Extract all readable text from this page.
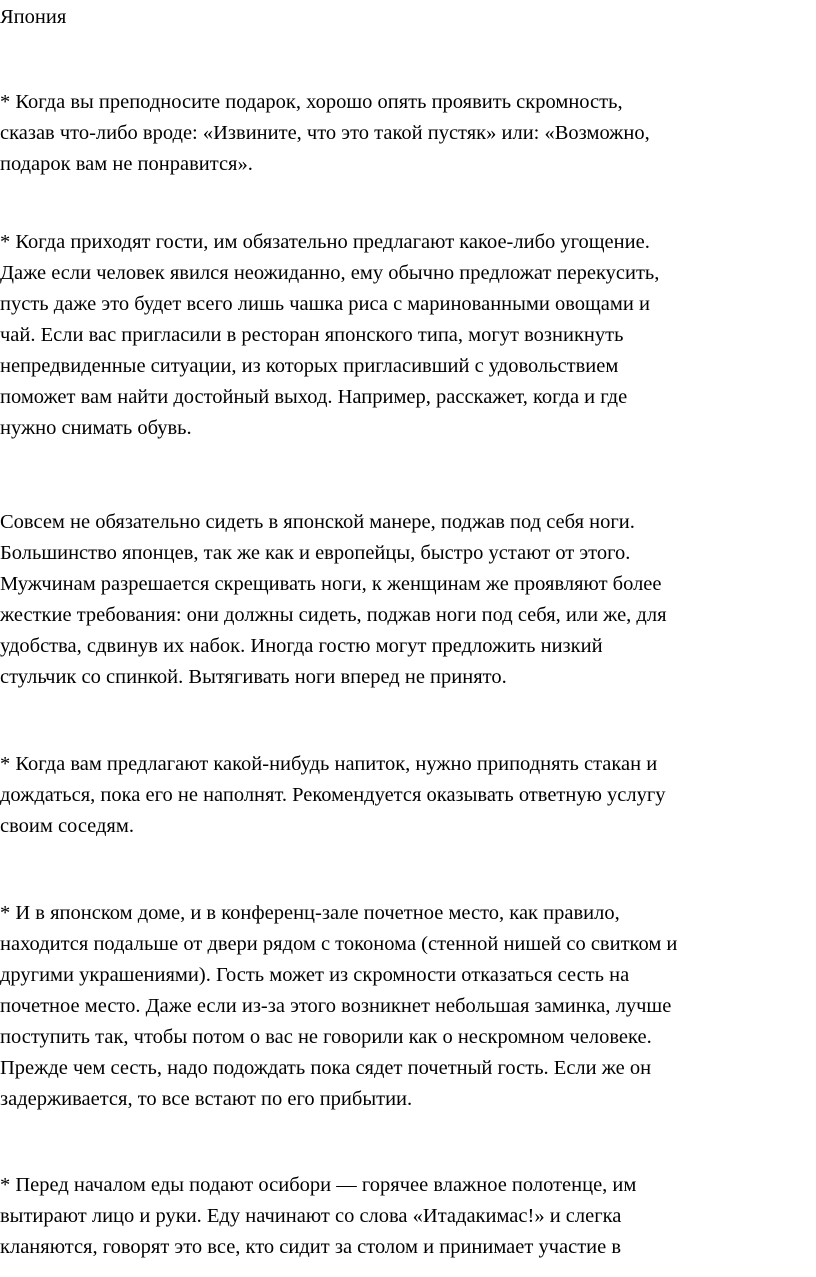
Япония

* Когда вы преподносите подарок, хорошо опять проявить скромность,
сказав что-либо вроде: «Извините, что это такой пустяк» или: «Возможно,
подарок вам не понравится».

* Когда приходят гости, им обязательно предлагают какое-либо угощение.
Даже если человек явился неожиданно, ему обычно предложат перекусить,
пусть даже это будет всего лишь чашка риса с маринованными овощами и
чай. Если вас пригласили в ресторан японского типа, могут возникнуть
непредвиденные ситуации, из которых пригласивший с удовольствием
поможет вам найти достойный выход. Например, расскажет, когда и где
нужно снимать обувь.

Совсем не обязательно сидеть в японской манере, поджав под себя ноги.
Большинство японцев, так же как и европейцы, быстро устают от этого.
Мужчинам разрешается скрещивать ноги, к женщинам же проявляют более
жесткие требования: они должны сидеть, поджав ноги под себя, или же, для
удобства, сдвинув их набок. Иногда гостю могут предложить низкий
стульчик со спинкой. Вытягивать ноги вперед не принято.

* Когда вам предлагают какой-нибудь напиток, нужно приподнять стакан и
дождаться, пока его не наполнят. Рекомендуется оказывать ответную услугу
своим соседям.

* И в японском доме, и в конференц-зале почетное место, как правило,
находится подальше от двери рядом с токонома (стенной нишей со свитком и
другими украшениями). Гость может из скромности отказаться сесть на
почетное место. Даже если из-за этого возникнет небольшая заминка, лучше
поступить так, чтобы потом о вас не говорили как о нескромном человеке.
Прежде чем сесть, надо подождать пока сядет почетный гость. Если же он
задерживается, то все встают по его прибытии.

* Перед началом еды подают осибори — горячее влажное полотенце, им
вытирают лицо и руки. Еду начинают со слова «Итадакимас!» и слегка
кланяются, говорят это все, кто сидит за столом и принимает участие в
